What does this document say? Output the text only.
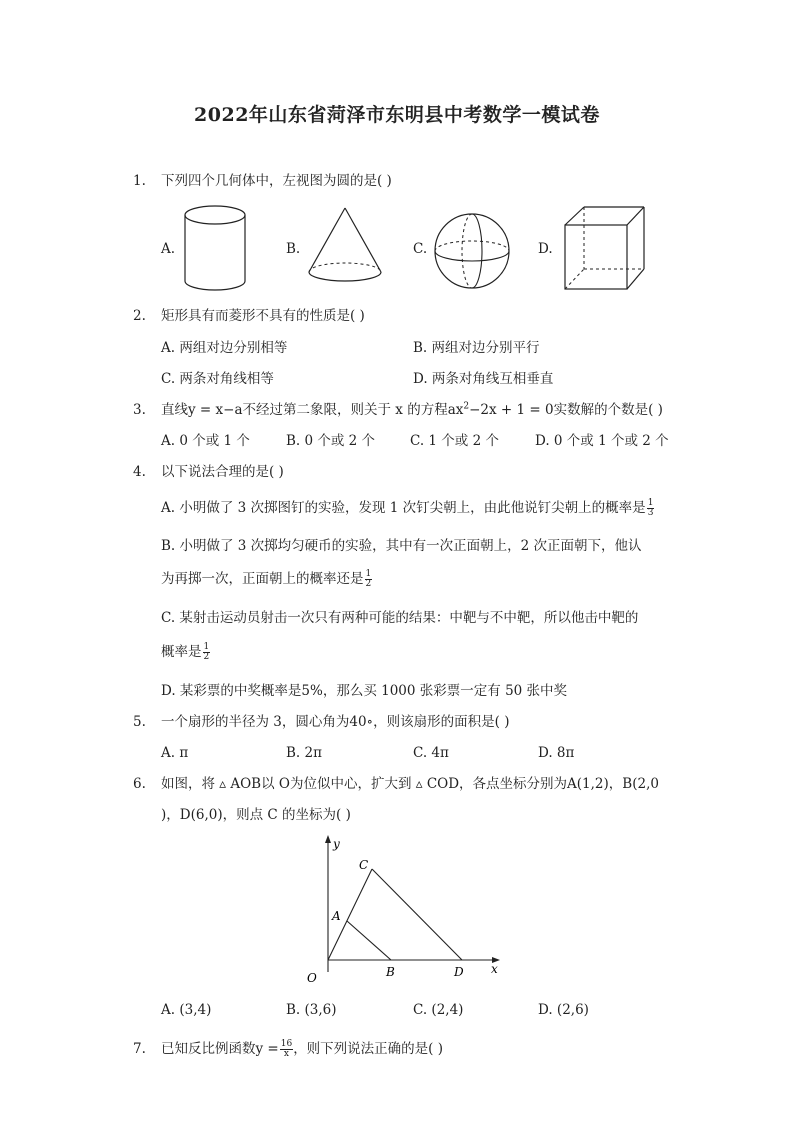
2022年山东省菏泽市东明县中考数学一模试卷
1. 下列四个几何体中，左视图为圆的是( )
A.	B.	C.	D.
2. 矩形具有而菱形不具有的性质是( )
A. 两组对边分别相等	B. 两组对边分别平行
C. 两条对角线相等	D. 两条对角线互相垂直
3. 直线y = x−a不经过第二象限，则关于 x 的方程$ax^2-2x + 1 = 0$实数解的个数是( )
A. 0 个或 1 个	B. 0 个或 2 个	C. 1 个或 2 个	D. 0 个或 1 个或 2 个
4. 以下说法合理的是( )
A. 小明做了 3 次掷图钉的实验，发现 1 次钉尖朝上，由此他说钉尖朝上的概率是 $\frac{1}{3}$
B. 小明做了 3 次掷均匀硬币的实验，其中有一次正面朝上，2 次正面朝下，他认
为再掷一次，正面朝上的概率还是 $\frac{1}{2}$
C. 某射击运动员射击一次只有两种可能的结果：中靶与不中靶，所以他击中靶的
概率是 $\frac{1}{2}$
D. 某彩票的中奖概率是5%，那么买 1000 张彩票一定有 50 张中奖
5. 一个扇形的半径为 3，圆心角为40∘，则该扇形的面积是( )
A. π	B. 2π	C. 4π	D. 8π
6. 如图，将 ▵ AOB以 O为位似中心，扩大到 ▵ COD，各点坐标分别为A(1,2)，B(2,0
)，D(6,0)，则点 C 的坐标为( )
y
x
O
A
B
C
D
A. (3,4)	B. (3,6)	C. (2,4)	D. (2,6)
7. 已知反比例函数$y = \frac{16}{x}$ ，则下列说法正确的是( )
